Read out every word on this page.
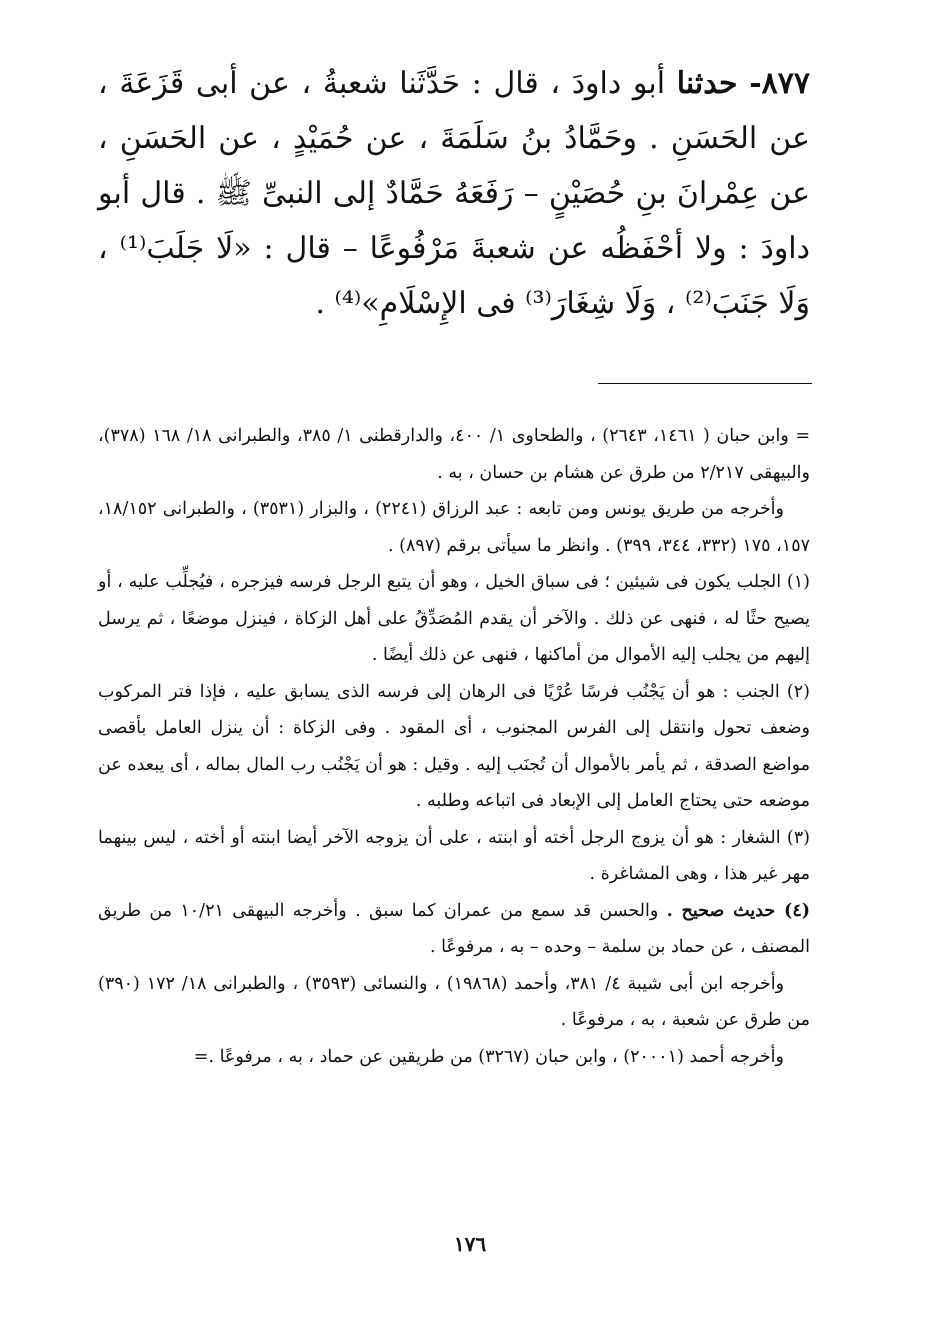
٨٧٧- حدثنا أبو داودَ ، قال : حَدَّثَنا شعبةُ ، عن أبى قَزَعَةَ ، عن الحَسَنِ . وحَمَّادُ بنُ سَلَمَةَ ، عن حُمَيْدٍ ، عن الحَسَنِ ، عن عِمْرانَ بنِ حُصَيْنٍ – رَفَعَهُ حَمَّادٌ إلى النبىِّ ﷺ . قال أبو داودَ : ولا أحْفَظُه عن شعبةَ مَرْفُوعًا – قال : «لَا جَلَبَ⁽¹⁾ ، وَلَا جَنَبَ⁽²⁾ ، وَلَا شِغَارَ⁽³⁾ فى الإِسْلَامِ»⁽⁴⁾ .

= وابن حبان ( ١٤٦١، ٢٦٤٣) ، والطحاوى ١/ ٤٠٠، والدارقطنى ١/ ٣٨٥، والطبرانى ١٨/ ١٦٨ (٣٧٨)، والبيهقى ٢/٢١٧ من طرق عن هشام بن حسان ، به .

وأخرجه من طريق يونس ومن تابعه : عبد الرزاق (٢٢٤١) ، والبزار (٣٥٣١) ، والطبرانى ١٨/١٥٢، ١٥٧، ١٧٥ (٣٣٢، ٣٤٤، ٣٩٩) . وانظر ما سيأتى برقم (٨٩٧) .

(١) الجلب يكون فى شيئين ؛ فى سباق الخيل ، وهو أن يتبع الرجل فرسه فيزجره ، فيُجلِّب عليه ، أو يصيح حثًا له ، فنهى عن ذلك . والآخر أن يقدم المُصَدِّقُ على أهل الزكاة ، فينزل موضعًا ، ثم يرسل إليهم من يجلب إليه الأموال من أماكنها ، فنهى عن ذلك أيضًا .

(٢) الجنب : هو أن يَجْنُب فرسًا عُرْيًا فى الرهان إلى فرسه الذى يسابق عليه ، فإذا فتر المركوب وضعف تحول وانتقل إلى الفرس المجنوب ، أى المقود . وفى الزكاة : أن ينزل العامل بأقصى مواضع الصدقة ، ثم يأمر بالأموال أن تُجنَب إليه . وقيل : هو أن يَجْنُب رب المال بماله ، أى يبعده عن موضعه حتى يحتاج العامل إلى الإبعاد فى اتباعه وطلبه .

(٣) الشغار : هو أن يزوج الرجل أخته أو ابنته ، على أن يزوجه الآخر أيضا ابنته أو أخته ، ليس بينهما مهر غير هذا ، وهى المشاغرة .

(٤) حديث صحيح . والحسن قد سمع من عمران كما سبق . وأخرجه البيهقى ١٠/٢١ من طريق المصنف ، عن حماد بن سلمة – وحده – به ، مرفوعًا .

وأخرجه ابن أبى شيبة ٤/ ٣٨١، وأحمد (١٩٨٦٨) ، والنسائى (٣٥٩٣) ، والطبرانى ١٨/ ١٧٢ (٣٩٠) من طرق عن شعبة ، به ، مرفوعًا .

وأخرجه أحمد (٢٠٠٠١) ، وابن حبان (٣٢٦٧) من طريقين عن حماد ، به ، مرفوعًا .=

١٧٦
